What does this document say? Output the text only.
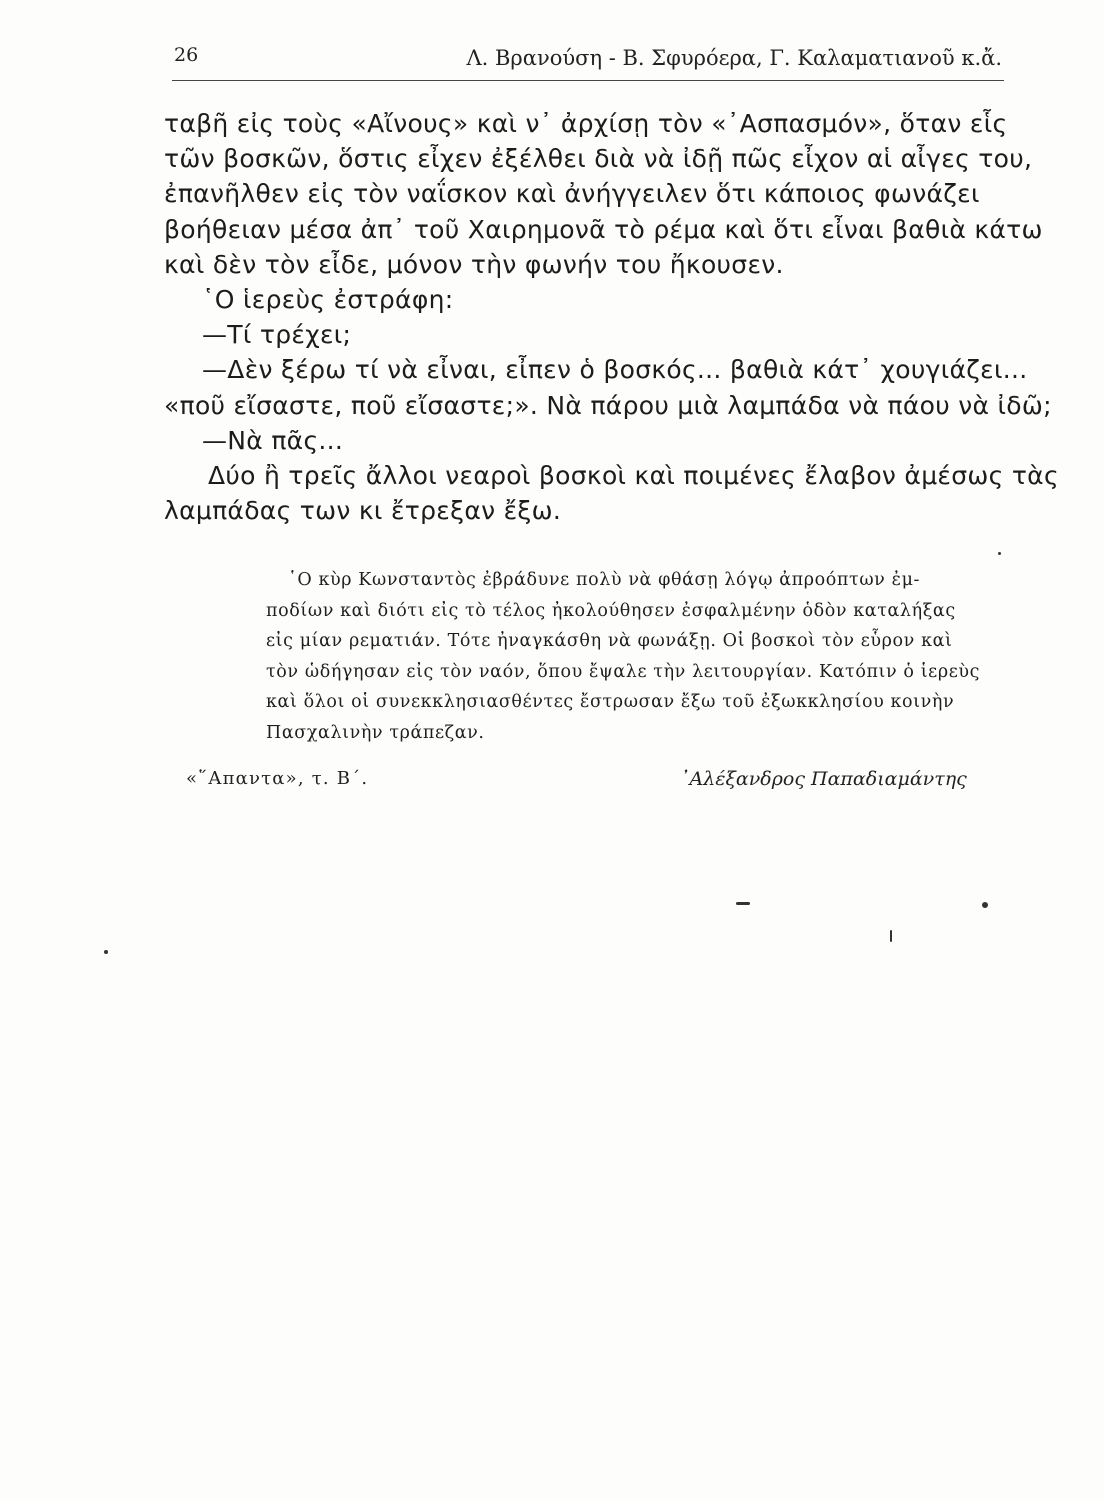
26	Λ. Βρανούση - Β. Σφυρόερα, Γ. Καλαματιανοῦ κ.ἄ.
ταβῆ εἰς τοὺς «Αἴνους» καὶ ν᾽ ἀρχίσῃ τὸν «᾽Ασπασμόν», ὅταν εἷς
τῶν βοσκῶν, ὅστις εἶχεν ἐξέλθει διὰ νὰ ἰδῇ πῶς εἶχον αἱ αἶγες του,
ἐπανῆλθεν εἰς τὸν ναΐσκον καὶ ἀνήγγειλεν ὅτι κάποιος φωνάζει
βοήθειαν μέσα ἀπ᾽ τοῦ Χαιρημονᾶ τὸ ρέμα καὶ ὅτι εἶναι βαθιὰ κάτω
καὶ δὲν τὸν εἶδε, μόνον τὴν φωνήν του ἤκουσεν.
῾Ο ἱερεὺς ἐστράφη:
—Τί τρέχει;
—Δὲν ξέρω τί νὰ εἶναι, εἶπεν ὁ βοσκός... βαθιὰ κάτ᾽ χουγιάζει...
«ποῦ εἴσαστε, ποῦ εἴσαστε;». Νὰ πάρου μιὰ λαμπάδα νὰ πάου νὰ ἰδῶ;
—Νὰ πᾶς...
Δύο ἢ τρεῖς ἄλλοι νεαροὶ βοσκοὶ καὶ ποιμένες ἔλαβον ἀμέσως τὰς
λαμπάδας των κι ἔτρεξαν ἔξω.
῾Ο κὺρ Κωνσταντὸς ἐβράδυνε πολὺ νὰ φθάσῃ λόγῳ ἀπροόπτων ἐμ-
ποδίων καὶ διότι εἰς τὸ τέλος ἠκολούθησεν ἐσφαλμένην ὁδὸν καταλήξας
εἰς μίαν ρεματιάν. Τότε ἠναγκάσθη νὰ φωνάξῃ. Οἱ βοσκοὶ τὸν εὗρον καὶ
τὸν ὡδήγησαν εἰς τὸν ναόν, ὅπου ἔψαλε τὴν λειτουργίαν. Κατόπιν ὁ ἱερεὺς
καὶ ὅλοι οἱ συνεκκλησιασθέντες ἔστρωσαν ἔξω τοῦ ἐξωκκλησίου κοινὴν
Πασχαλινὴν τράπεζαν.
«῞Απαντα», τ. Β΄.	᾽Αλέξανδρος Παπαδιαμάντης
